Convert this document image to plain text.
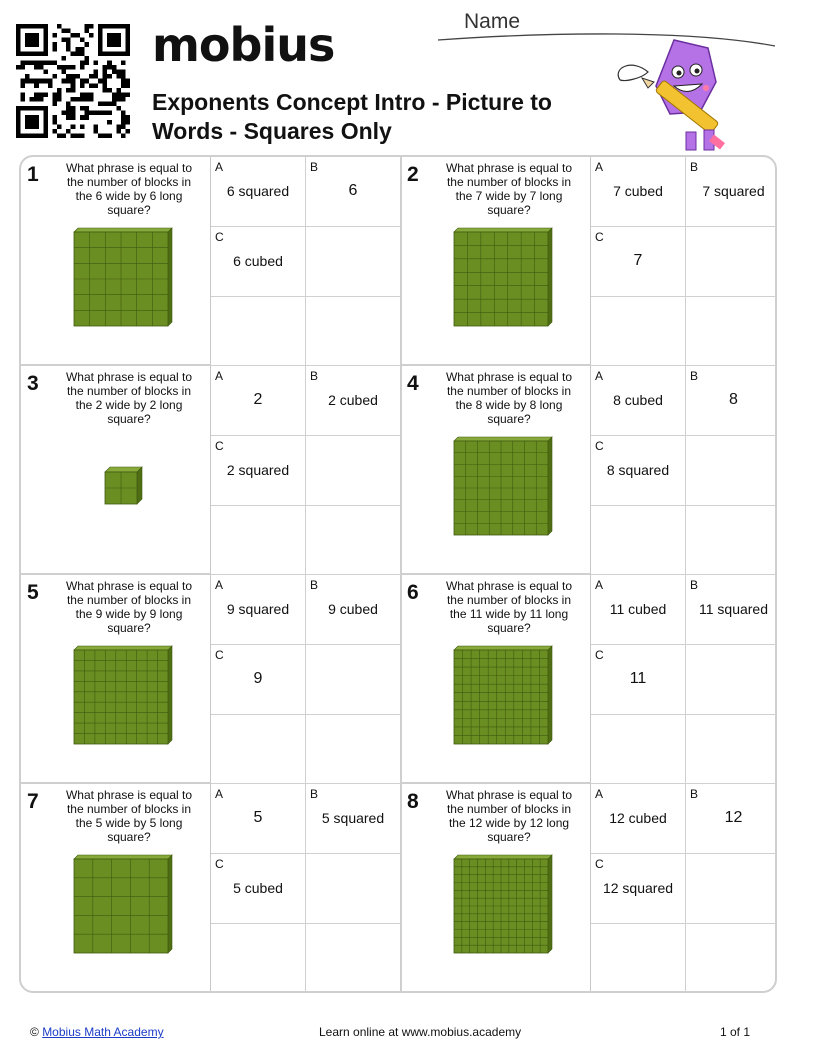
mobius
Exponents Concept Intro - Picture to Words - Squares Only
Name
1	What phrase is equal to the number of blocks in the 6 wide by 6 long square?
A
6 squared
B
6
C
6 cubed
2	What phrase is equal to the number of blocks in the 7 wide by 7 long square?
A
7 cubed
B
7 squared
C
7
3	What phrase is equal to the number of blocks in the 2 wide by 2 long square?
A
2
B
2 cubed
C
2 squared
4	What phrase is equal to the number of blocks in the 8 wide by 8 long square?
A
8 cubed
B
8
C
8 squared
5	What phrase is equal to the number of blocks in the 9 wide by 9 long square?
A
9 squared
B
9 cubed
C
9
6	What phrase is equal to the number of blocks in the 11 wide by 11 long square?
A
11 cubed
B
11 squared
C
11
7	What phrase is equal to the number of blocks in the 5 wide by 5 long square?
A
5
B
5 squared
C
5 cubed
8	What phrase is equal to the number of blocks in the 12 wide by 12 long square?
A
12 cubed
B
12
C
12 squared
© Mobius Math Academy	Learn online at www.mobius.academy	1 of 1
